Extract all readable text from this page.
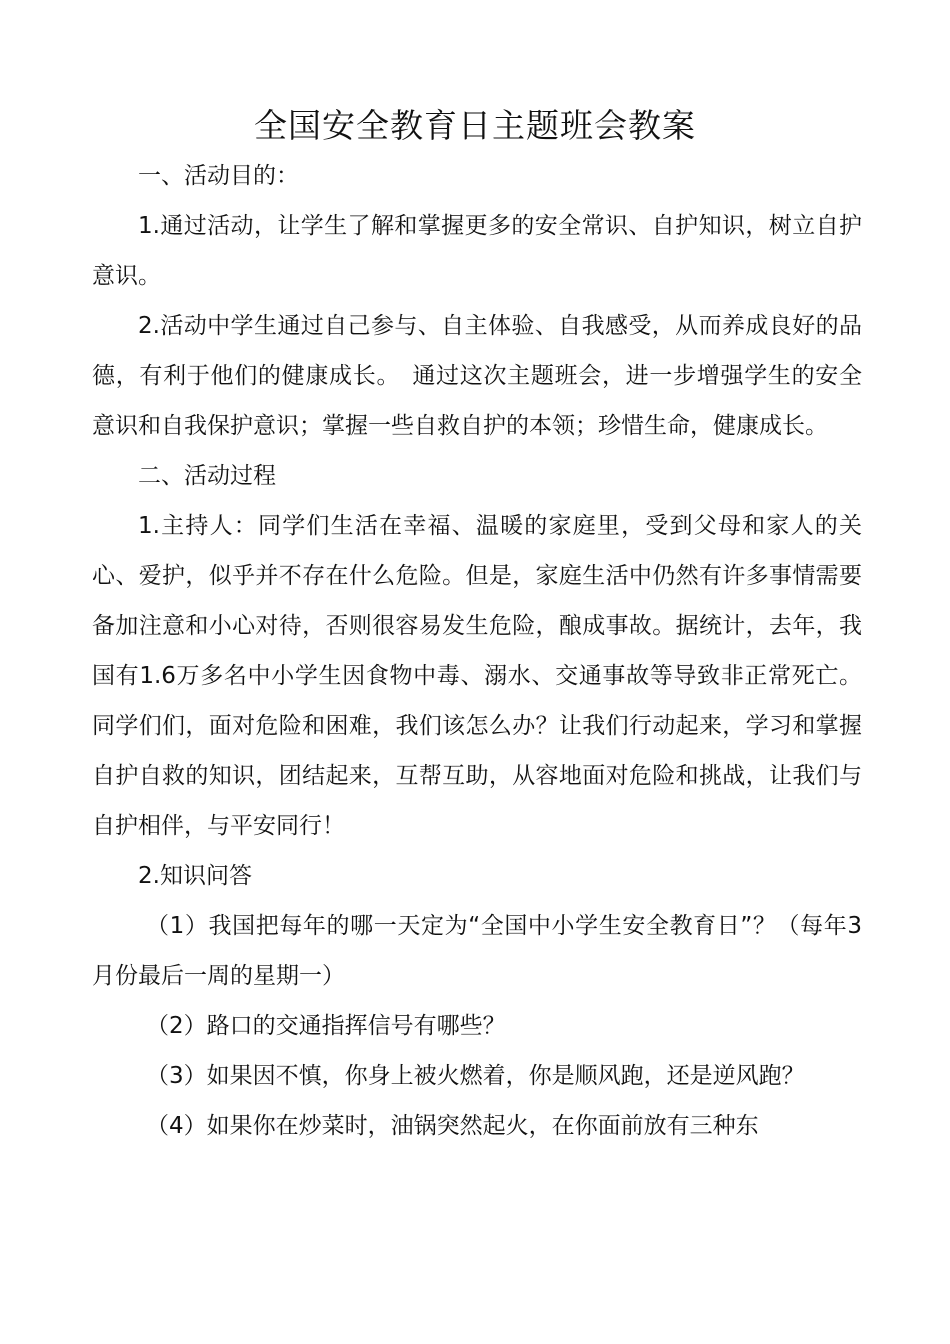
全国安全教育日主题班会教案

一、活动目的：

1.通过活动，让学生了解和掌握更多的安全常识、自护知识，树立自护意识。

2.活动中学生通过自己参与、自主体验、自我感受，从而养成良好的品德，有利于他们的健康成长。　通过这次主题班会，进一步增强学生的安全意识和自我保护意识；掌握一些自救自护的本领；珍惜生命，健康成长。

二、活动过程

1.主持人：同学们生活在幸福、温暖的家庭里，受到父母和家人的关心、爱护，似乎并不存在什么危险。但是，家庭生活中仍然有许多事情需要备加注意和小心对待，否则很容易发生危险，酿成事故。据统计，去年，我国有1.6万多名中小学生因食物中毒、溺水、交通事故等导致非正常死亡。同学们们，面对危险和困难，我们该怎么办？让我们行动起来，学习和掌握自护自救的知识，团结起来，互帮互助，从容地面对危险和挑战，让我们与自护相伴，与平安同行！

2.知识问答

（1）我国把每年的哪一天定为“全国中小学生安全教育日”？（每年3月份最后一周的星期一）

（2）路口的交通指挥信号有哪些？

（3）如果因不慎，你身上被火燃着，你是顺风跑，还是逆风跑？

（4）如果你在炒菜时，油锅突然起火，在你面前放有三种东
